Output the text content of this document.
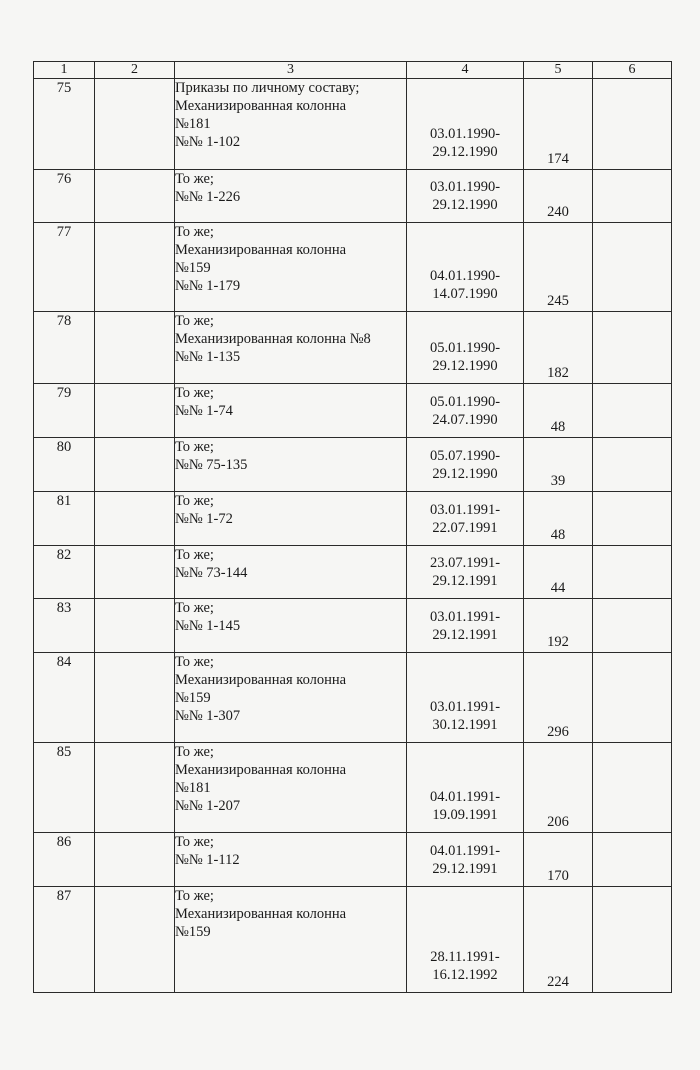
1	2	3	4	5	6
75		Приказы по личному составу;
Механизированная колонна
№181
№№ 1-102	03.01.1990-
29.12.1990	174	
76		То же;
№№ 1-226	03.01.1990-
29.12.1990	240	
77		То же;
Механизированная колонна
№159
№№ 1-179	04.01.1990-
14.07.1990	245	
78		То же;
Механизированная колонна №8
№№ 1-135	05.01.1990-
29.12.1990	182	
79		То же;
№№ 1-74	05.01.1990-
24.07.1990	48	
80		То же;
№№ 75-135	05.07.1990-
29.12.1990	39	
81		То же;
№№ 1-72	03.01.1991-
22.07.1991	48	
82		То же;
№№ 73-144	23.07.1991-
29.12.1991	44	
83		То же;
№№ 1-145	03.01.1991-
29.12.1991	192	
84		То же;
Механизированная колонна
№159
№№ 1-307	03.01.1991-
30.12.1991	296	
85		То же;
Механизированная колонна
№181
№№ 1-207	04.01.1991-
19.09.1991	206	
86		То же;
№№ 1-112	04.01.1991-
29.12.1991	170	
87		То же;
Механизированная колонна
№159	28.11.1991-
16.12.1992	224	
